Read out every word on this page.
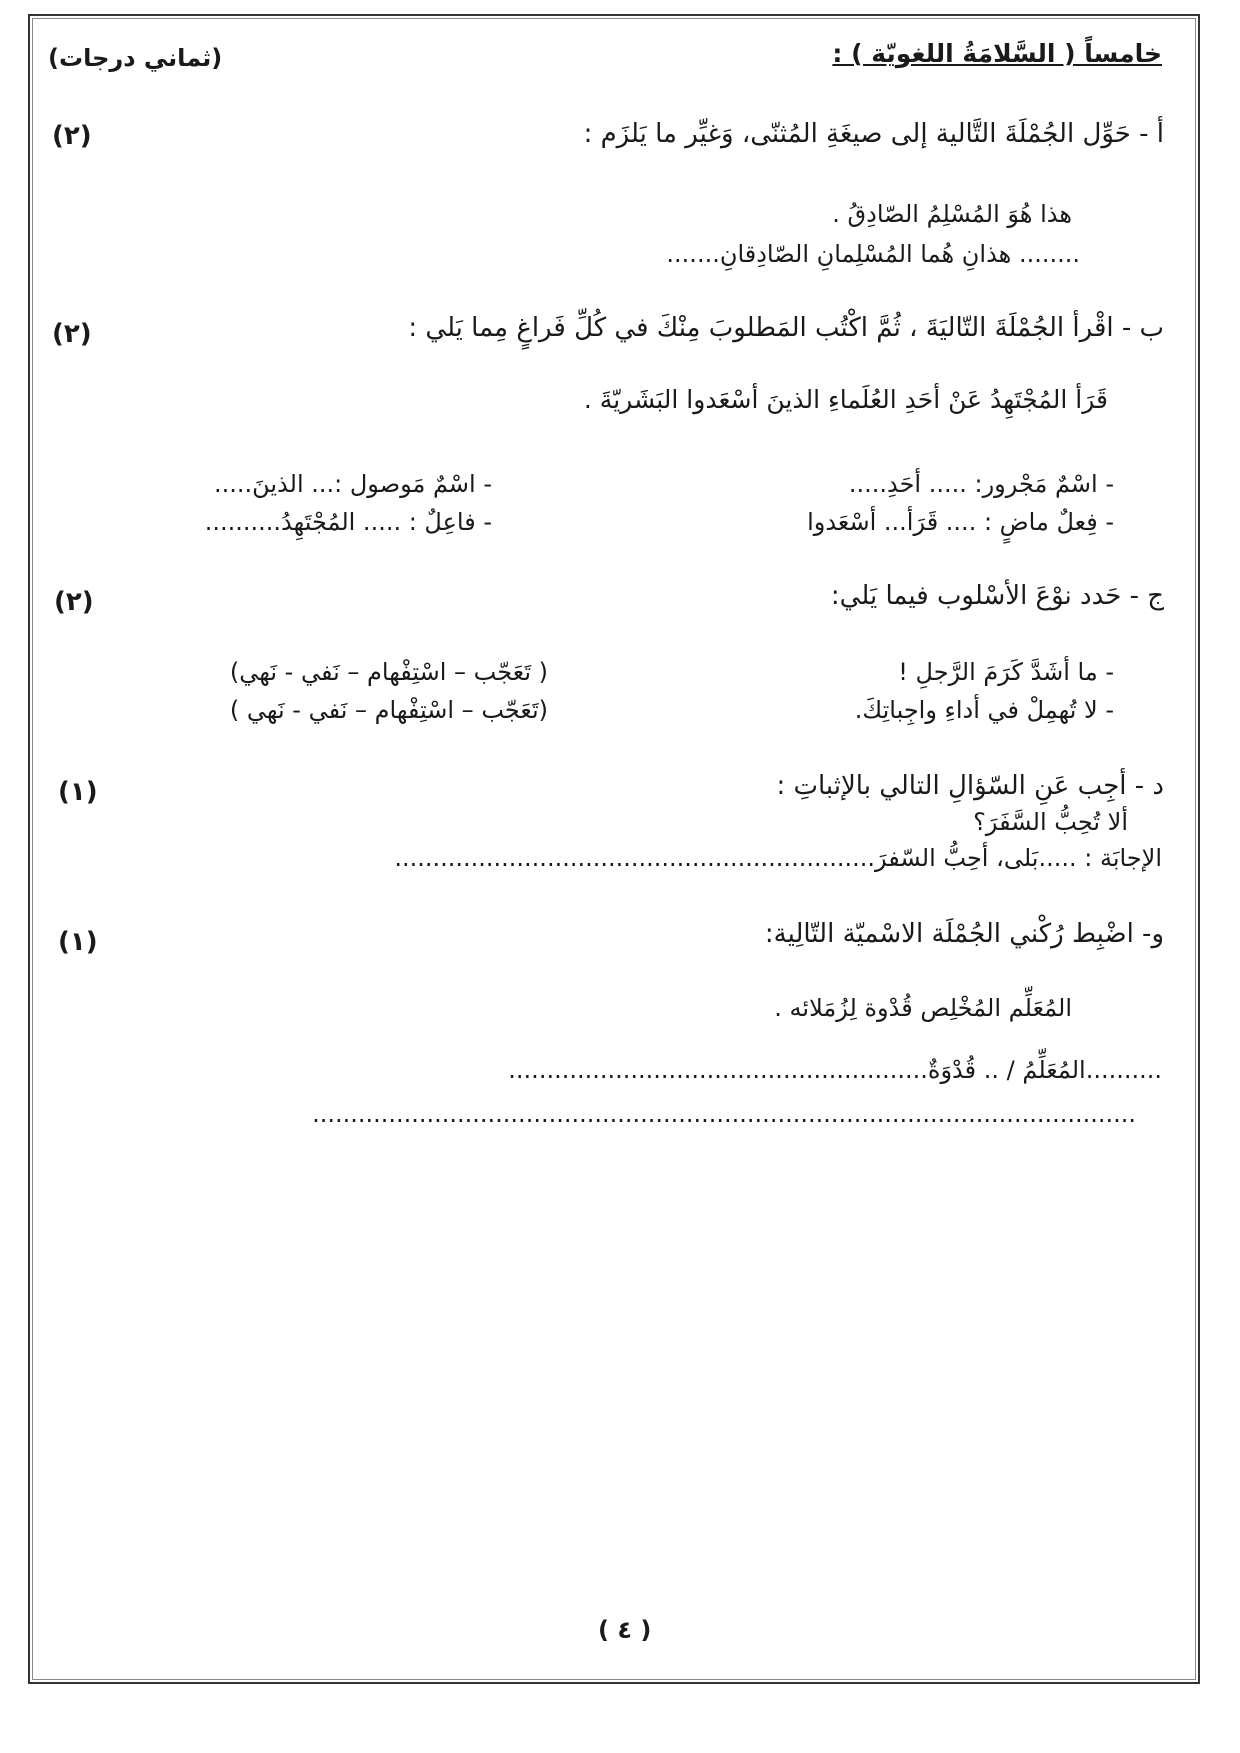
خامساً ( السَّلامَةُ اللغويّة ) :
(ثماني درجات)
أ - حَوِّل الجُمْلَةَ التَّالية إلى صيغَةِ المُثنّى، وَغيِّر ما يَلزَم :
(٢)
هذا هُوَ المُسْلِمُ الصّادِقُ .
........ هذانِ هُما المُسْلِمانِ الصّادِقانِ.......
ب - اقْرأ الجُمْلَةَ التّاليَةَ ، ثُمَّ اكْتُب المَطلوبَ مِنْكَ في كُلِّ فَراغٍ مِما يَلي :
(٢)
قَرَأ المُجْتَهِدُ عَنْ أحَدِ العُلَماءِ الذينَ أسْعَدوا البَشَريّةَ .
- اسْمٌ مَجْرور: ..... أحَدِ.....
- اسْمٌ مَوصول :... الذينَ.....
- فِعلٌ ماضٍ : .... قَرَأ... أسْعَدوا
- فاعِلٌ : ..... المُجْتَهِدُ..........
ج - حَدد نوْعَ الأسْلوب فيما يَلي:
(٢)
- ما أشَدَّ كَرَمَ الرَّجلِ !
( تَعَجّب – اسْتِفْهام – نَفي - نَهي)
- لا تُهمِلْ في أداءِ واجِباتِكَ.
(تَعَجّب – اسْتِفْهام – نَفي - نَهي )
د - أجِب عَنِ السّؤالِ التالي بالإثباتِ :
(١)
ألا تُحِبُّ السَّفَرَ؟
الإجابَة : .....بَلى، أحِبُّ السّفرَ...............................................................
و- اضْبِط رُكْني الجُمْلَة الاسْميّة التّالِية:
(١)
المُعَلِّم المُخْلِص قُدْوة لِزُمَلائه .
..........المُعَلِّمُ / .. قُدْوَةٌ.......................................................
............................................................................................................
( ٤ )
